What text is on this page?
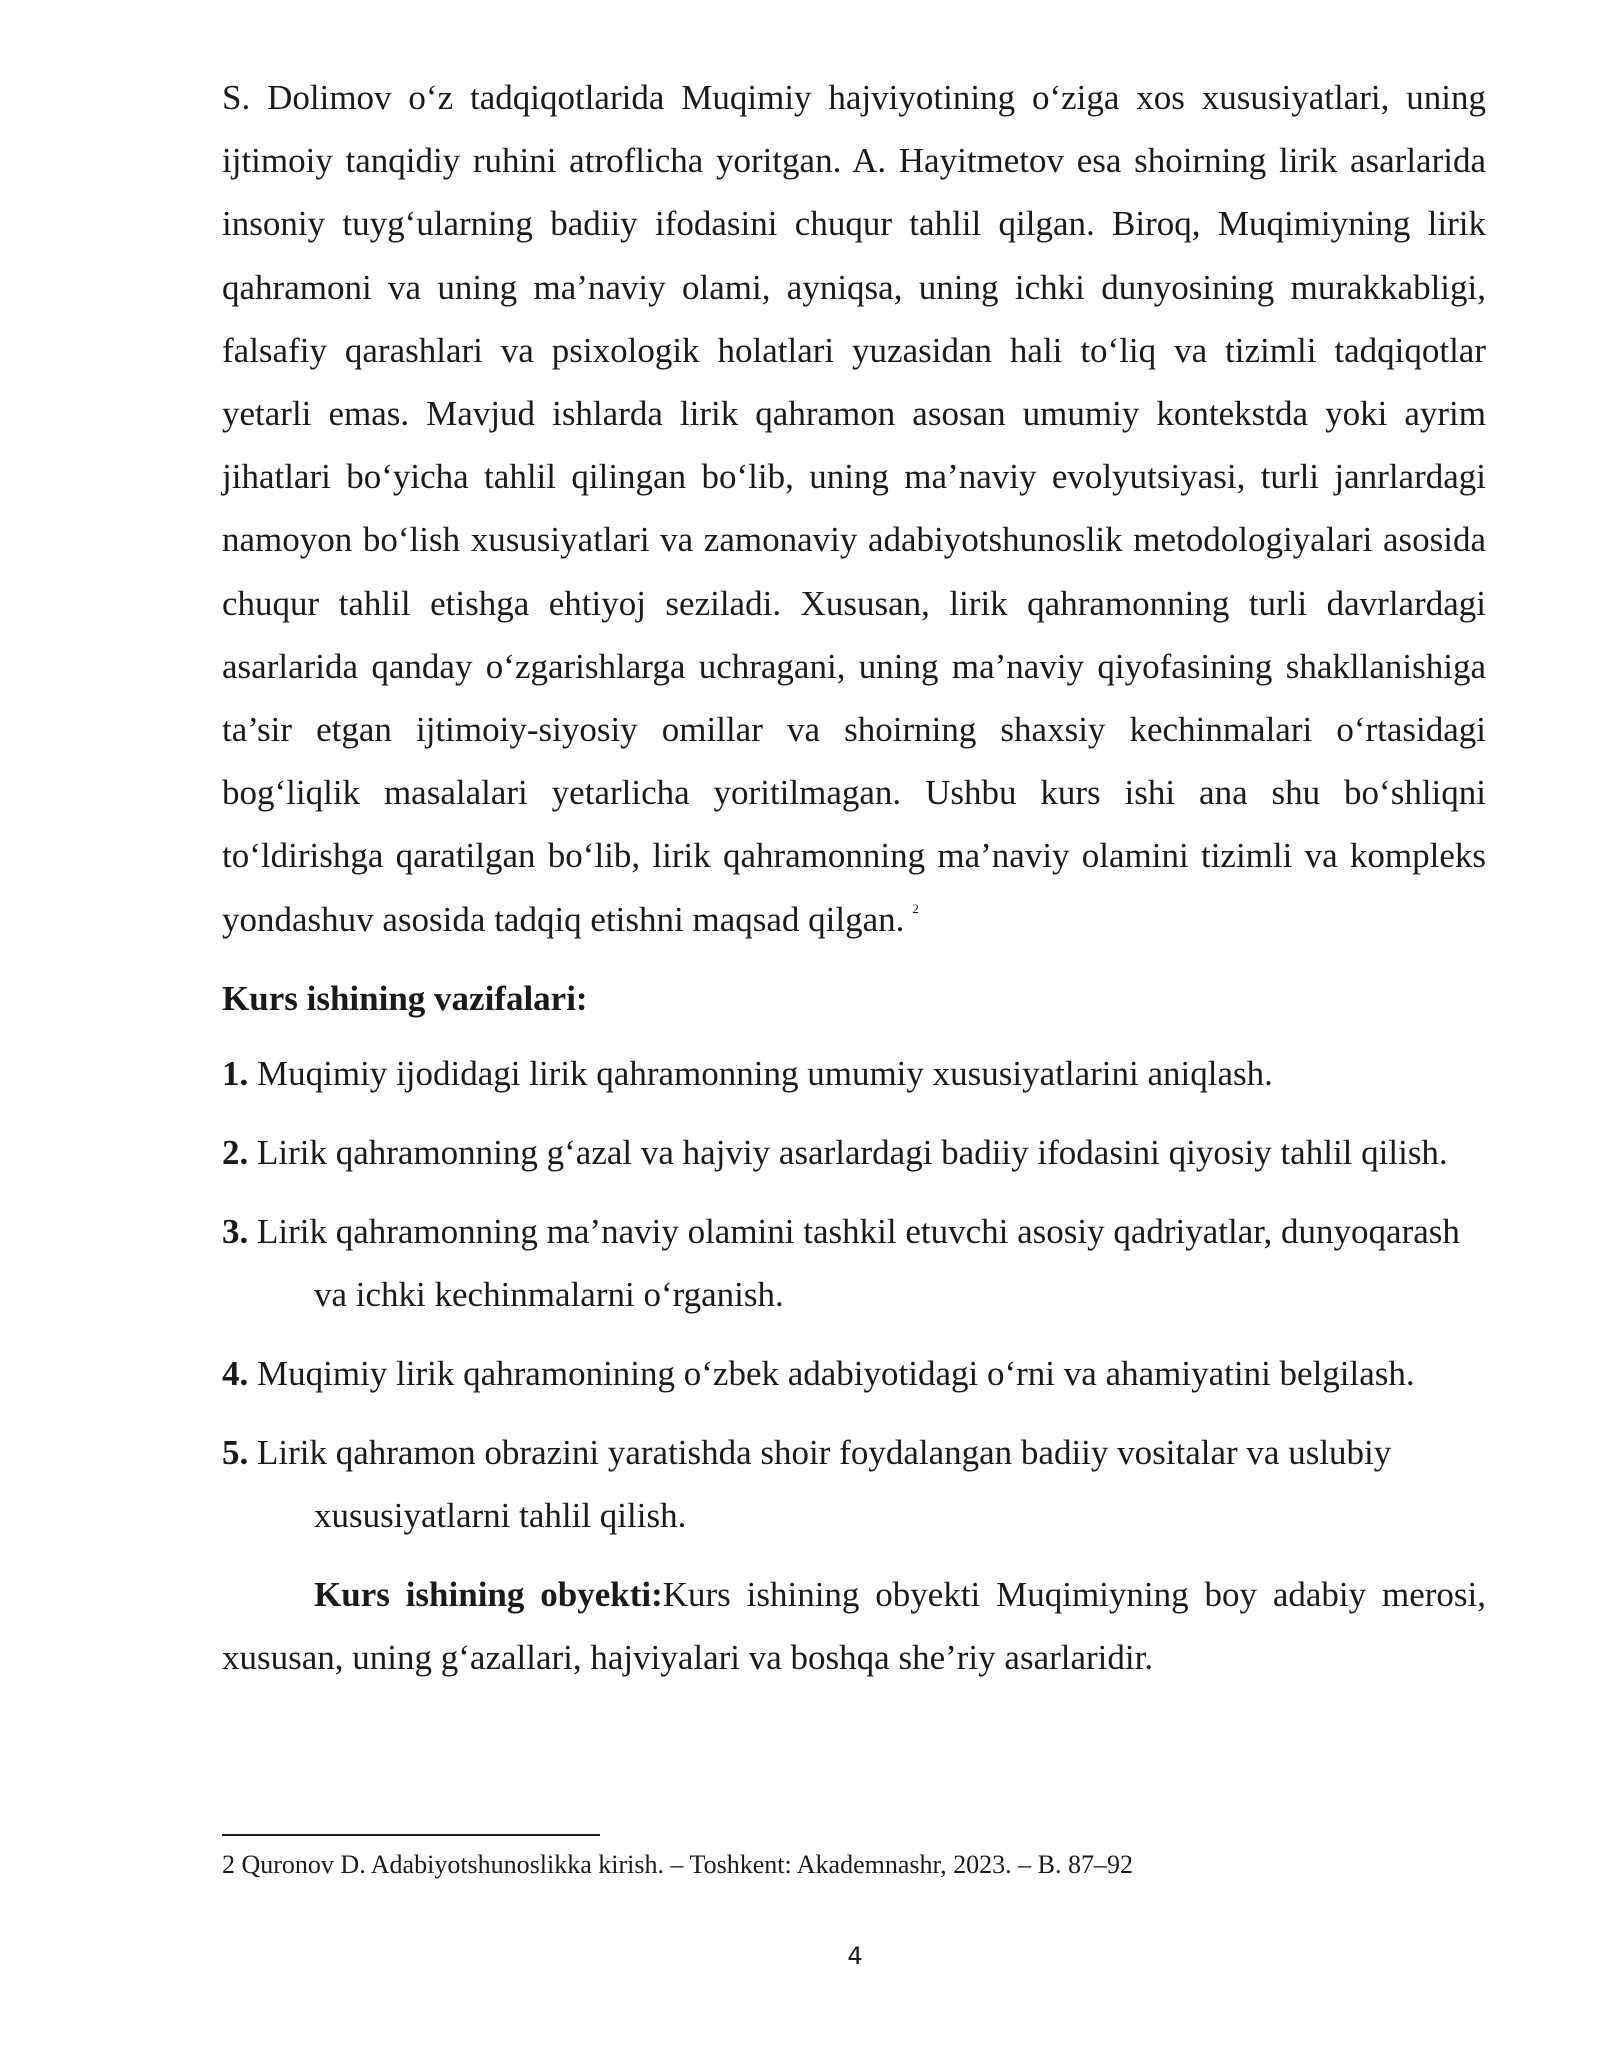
S. Dolimov o‘z tadqiqotlarida Muqimiy hajviyotining o‘ziga xos xususiyatlari, uning ijtimoiy tanqidiy ruhini atroflicha yoritgan. A. Hayitmetov esa shoirning lirik asarlarida insoniy tuyg‘ularning badiiy ifodasini chuqur tahlil qilgan. Biroq, Muqimiyning lirik qahramoni va uning ma’naviy olami, ayniqsa, uning ichki dunyosining murakkabligi, falsafiy qarashlari va psixologik holatlari yuzasidan hali to‘liq va tizimli tadqiqotlar yetarli emas. Mavjud ishlarda lirik qahramon asosan umumiy kontekstda yoki ayrim jihatlari bo‘yicha tahlil qilingan bo‘lib, uning ma’naviy evolyutsiyasi, turli janrlardagi namoyon bo‘lish xususiyatlari va zamonaviy adabiyotshunoslik metodologiyalari asosida chuqur tahlil etishga ehtiyoj seziladi. Xususan, lirik qahramonning turli davrlardagi asarlarida qanday o‘zgarishlarga uchragani, uning ma’naviy qiyofasining shakllanishiga ta’sir etgan ijtimoiy-siyosiy omillar va shoirning shaxsiy kechinmalari o‘rtasidagi bog‘liqlik masalalari yetarlicha yoritilmagan. Ushbu kurs ishi ana shu bo‘shliqni to‘ldirishga qaratilgan bo‘lib, lirik qahramonning ma’naviy olamini tizimli va kompleks yondashuv asosida tadqiq etishni maqsad qilgan. $^2$

Kurs ishining vazifalari:
1. Muqimiy ijodidagi lirik qahramonning umumiy xususiyatlarini aniqlash.
2. Lirik qahramonning g‘azal va hajviy asarlardagi badiiy ifodasini qiyosiy tahlil qilish.
3. Lirik qahramonning ma’naviy olamini tashkil etuvchi asosiy qadriyatlar, dunyoqarash va ichki kechinmalarni o‘rganish.
4. Muqimiy lirik qahramonining o‘zbek adabiyotidagi o‘rni va ahamiyatini belgilash.
5. Lirik qahramon obrazini yaratishda shoir foydalangan badiiy vositalar va uslubiy xususiyatlarni tahlil qilish.

Kurs ishining obyekti:Kurs ishining obyekti Muqimiyning boy adabiy merosi, xususan, uning g‘azallari, hajviyalari va boshqa she’riy asarlaridir.

2 Quronov D. Adabiyotshunoslikka kirish. – Toshkent: Akademnashr, 2023. – B. 87–92
4
